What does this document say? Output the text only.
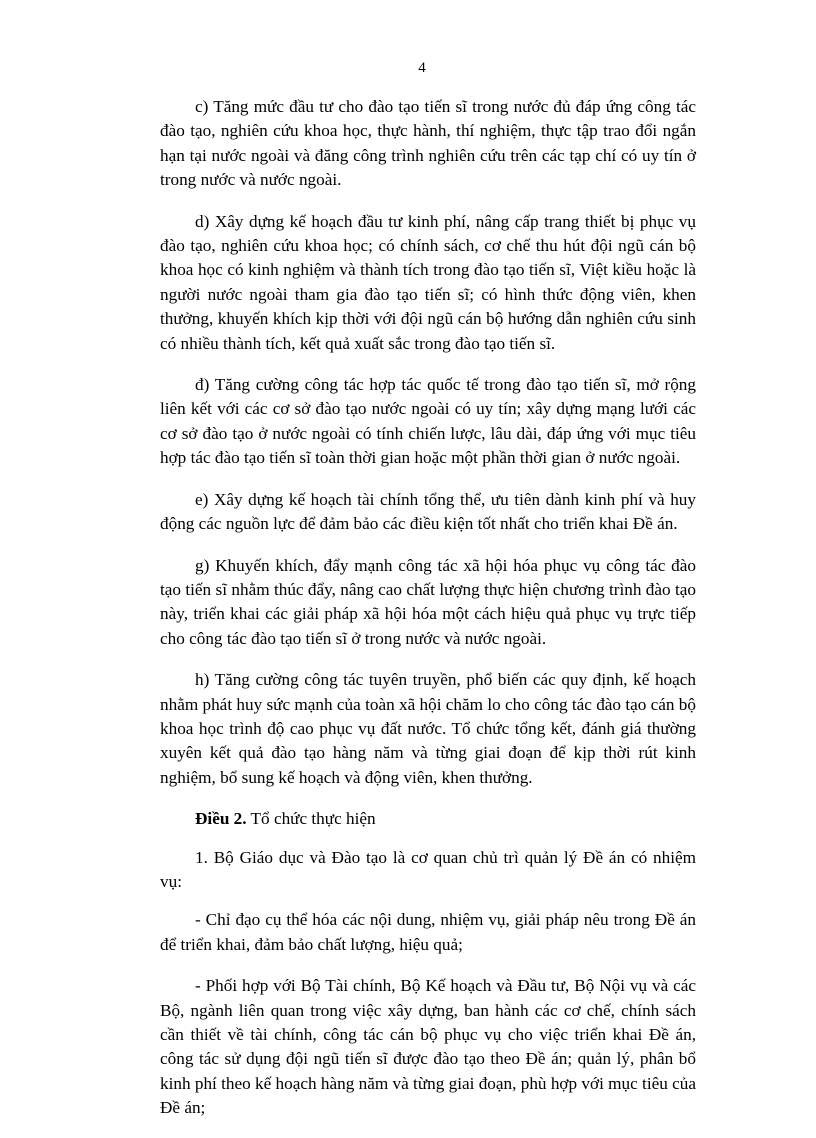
4

c) Tăng mức đầu tư cho đào tạo tiến sĩ trong nước đủ đáp ứng công tác đào tạo, nghiên cứu khoa học, thực hành, thí nghiệm, thực tập trao đổi ngắn hạn tại nước ngoài và đăng công trình nghiên cứu trên các tạp chí có uy tín ở trong nước và nước ngoài.

d) Xây dựng kế hoạch đầu tư kinh phí, nâng cấp trang thiết bị phục vụ đào tạo, nghiên cứu khoa học; có chính sách, cơ chế thu hút đội ngũ cán bộ khoa học có kinh nghiệm và thành tích trong đào tạo tiến sĩ, Việt kiều hoặc là người nước ngoài tham gia đào tạo tiến sĩ; có hình thức động viên, khen thưởng, khuyến khích kịp thời với đội ngũ cán bộ hướng dẫn nghiên cứu sinh có nhiều thành tích, kết quả xuất sắc trong đào tạo tiến sĩ.

đ) Tăng cường công tác hợp tác quốc tế trong đào tạo tiến sĩ, mở rộng liên kết với các cơ sở đào tạo nước ngoài có uy tín; xây dựng mạng lưới các cơ sở đào tạo ở nước ngoài có tính chiến lược, lâu dài, đáp ứng với mục tiêu hợp tác đào tạo tiến sĩ toàn thời gian hoặc một phần thời gian ở nước ngoài.

e) Xây dựng kế hoạch tài chính tổng thể, ưu tiên dành kinh phí và huy động các nguồn lực để đảm bảo các điều kiện tốt nhất cho triển khai Đề án.

g) Khuyến khích, đẩy mạnh công tác xã hội hóa phục vụ công tác đào tạo tiến sĩ nhằm thúc đẩy, nâng cao chất lượng thực hiện chương trình đào tạo này, triển khai các giải pháp xã hội hóa một cách hiệu quả phục vụ trực tiếp cho công tác đào tạo tiến sĩ ở trong nước và nước ngoài.

h) Tăng cường công tác tuyên truyền, phổ biến các quy định, kế hoạch nhằm phát huy sức mạnh của toàn xã hội chăm lo cho công tác đào tạo cán bộ khoa học trình độ cao phục vụ đất nước. Tổ chức tổng kết, đánh giá thường xuyên kết quả đào tạo hàng năm và từng giai đoạn để kịp thời rút kinh nghiệm, bổ sung kế hoạch và động viên, khen thưởng.

Điều 2. Tổ chức thực hiện

1. Bộ Giáo dục và Đào tạo là cơ quan chủ trì quản lý Đề án có nhiệm vụ:

- Chỉ đạo cụ thể hóa các nội dung, nhiệm vụ, giải pháp nêu trong Đề án để triển khai, đảm bảo chất lượng, hiệu quả;

- Phối hợp với Bộ Tài chính, Bộ Kế hoạch và Đầu tư, Bộ Nội vụ và các Bộ, ngành liên quan trong việc xây dựng, ban hành các cơ chế, chính sách cần thiết về tài chính, công tác cán bộ phục vụ cho việc triển khai Đề án, công tác sử dụng đội ngũ tiến sĩ được đào tạo theo Đề án; quản lý, phân bổ kinh phí theo kế hoạch hàng năm và từng giai đoạn, phù hợp với mục tiêu của Đề án;
